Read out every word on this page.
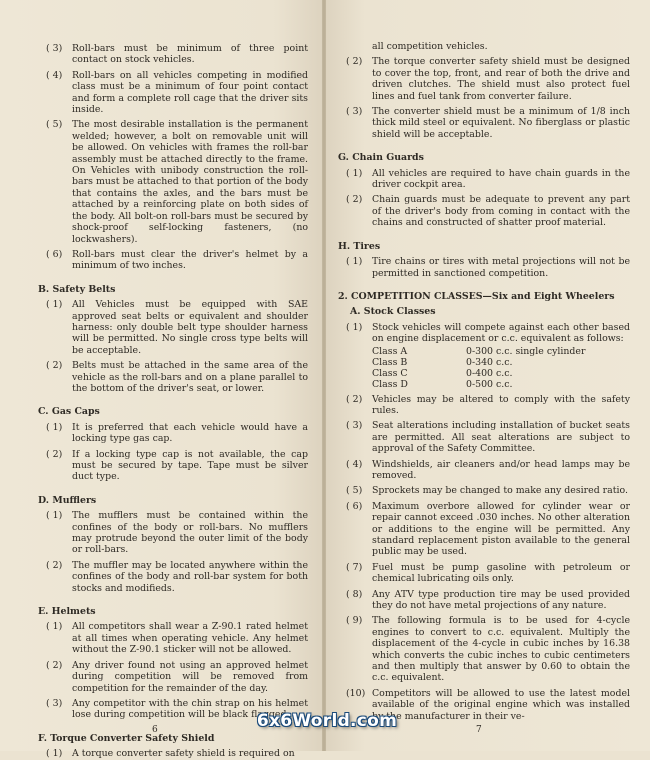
( 3) Roll-bars must be minimum of three point contact on stock vehicles.
( 4) Roll-bars on all vehicles competing in modified class must be a minimum of four point contact and form a complete roll cage that the driver sits inside.
( 5) The most desirable installation is the permanent welded; however, a bolt on removable unit will be allowed. On vehicles with frames the roll-bar assembly must be attached directly to the frame. On Vehicles with unibody construction the roll-bars must be attached to that portion of the body that contains the axles, and the bars must be attached by a reinforcing plate on both sides of the body. All bolt-on roll-bars must be secured by shock-proof self-locking fasteners, (no lockwashers).
( 6) Roll-bars must clear the driver's helmet by a minimum of two inches.
B. Safety Belts
( 1) All Vehicles must be equipped with SAE approved seat belts or equivalent and shoulder harness: only double belt type shoulder harness will be permitted. No single cross type belts will be acceptable.
( 2) Belts must be attached in the same area of the vehicle as the roll-bars and on a plane parallel to the bottom of the driver's seat, or lower.
C. Gas Caps
( 1) It is preferred that each vehicle would have a locking type gas cap.
( 2) If a locking type cap is not available, the cap must be secured by tape. Tape must be silver duct type.
D. Mufflers
( 1) The mufflers must be contained within the confines of the body or roll-bars. No mufflers may protrude beyond the outer limit of the body or roll-bars.
( 2) The muffler may be located anywhere within the confines of the body and roll-bar system for both stocks and modifieds.
E. Helmets
( 1) All competitors shall wear a Z-90.1 rated helmet at all times when operating vehicle. Any helmet without the Z-90.1 sticker will not be allowed.
( 2) Any driver found not using an approved helmet during competition will be removed from competition for the remainder of the day.
( 3) Any competitor with the chin strap on his helmet lose during competition will be black flagged.
F. Torque Converter Safety Shield
( 1) A torque converter safety shield is required on
6
all competition vehicles.
( 2) The torque converter safety shield must be designed to cover the top, front, and rear of both the drive and driven clutches. The shield must also protect fuel lines and fuel tank from converter failure.
( 3) The converter shield must be a minimum of 1/8 inch thick mild steel or equivalent. No fiberglass or plastic shield will be acceptable.
G. Chain Guards
( 1) All vehicles are required to have chain guards in the driver cockpit area.
( 2) Chain guards must be adequate to prevent any part of the driver's body from coming in contact with the chains and constructed of shatter proof material.
H. Tires
( 1) Tire chains or tires with metal projections will not be permitted in sanctioned competition.
2. COMPETITION CLASSES—Six and Eight Wheelers
A. Stock Classes
( 1) Stock vehicles will compete against each other based on engine displacement or c.c. equivalent as follows:
Class A	0-300 c.c. single cylinder
Class B	0-340 c.c.
Class C	0-400 c.c.
Class D	0-500 c.c.
( 2) Vehicles may be altered to comply with the safety rules.
( 3) Seat alterations including installation of bucket seats are permitted. All seat alterations are subject to approval of the Safety Committee.
( 4) Windshields, air cleaners and/or head lamps may be removed.
( 5) Sprockets may be changed to make any desired ratio.
( 6) Maximum overbore allowed for cylinder wear or repair cannot exceed .030 inches. No other alteration or additions to the engine will be permitted. Any standard replacement piston available to the general public may be used.
( 7) Fuel must be pump gasoline with petroleum or chemical lubricating oils only.
( 8) Any ATV type production tire may be used provided they do not have metal projections of any nature.
( 9) The following formula is to be used for 4-cycle engines to convert to c.c. equivalent. Multiply the displacement of the 4-cycle in cubic inches by 16.38 which converts the cubic inches to cubic centimeters and then multiply that answer by 0.60 to obtain the c.c. equivalent.
(10) Competitors will be allowed to use the latest model available of the original engine which was installed by the manufacturer in their ve-
7
6x6World.com
